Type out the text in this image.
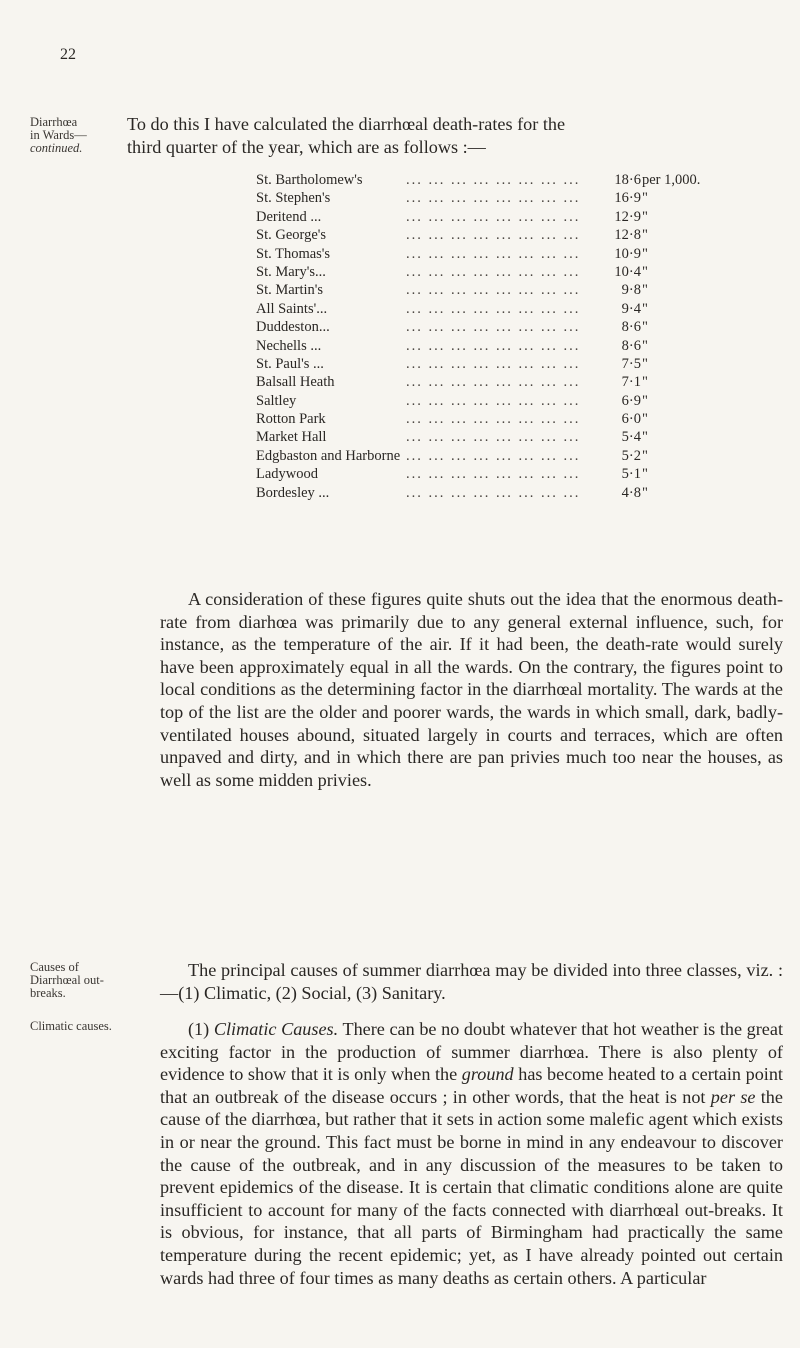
22
Diarrhœa
in Wards—
continued.
To do this I have calculated the diarrhœal death-rates for the
third quarter of the year, which are as follows :—
St. Bartholomew's	... ... ... ... ... ... ... ...	18·6 per 1,000.
St. Stephen's	... ... ... ... ... ... ... ...	16·9 "
Deritend ...	... ... ... ... ... ... ... ...	12·9 "
St. George's	... ... ... ... ... ... ... ...	12·8 "
St. Thomas's	... ... ... ... ... ... ... ...	10·9 "
St. Mary's...	... ... ... ... ... ... ... ...	10·4 "
St. Martin's	... ... ... ... ... ... ... ...	9·8 "
All Saints'...	... ... ... ... ... ... ... ...	9·4 "
Duddeston...	... ... ... ... ... ... ... ...	8·6 "
Nechells ...	... ... ... ... ... ... ... ...	8·6 "
St. Paul's ...	... ... ... ... ... ... ... ...	7·5 "
Balsall Heath	... ... ... ... ... ... ... ...	7·1 "
Saltley	... ... ... ... ... ... ... ...	6·9 "
Rotton Park	... ... ... ... ... ... ... ...	6·0 "
Market Hall	... ... ... ... ... ... ... ...	5·4 "
Edgbaston and Harborne ... ... ... ... ... ... ... ...	5·2 "
Ladywood	... ... ... ... ... ... ... ...	5·1 "
Bordesley ...	... ... ... ... ... ... ... ...	4·8 "
A consideration of these figures quite shuts out the idea that the enormous death-rate from diarhœa was primarily due to any general external influence, such, for instance, as the temperature of the air. If it had been, the death-rate would surely have been approximately equal in all the wards. On the contrary, the figures point to local conditions as the determining factor in the diarrhœal mortality. The wards at the top of the list are the older and poorer wards, the wards in which small, dark, badly-ventilated houses abound, situated largely in courts and terraces, which are often unpaved and dirty, and in which there are pan privies much too near the houses, as well as some midden privies.
Causes of
Diarrhœal out-
breaks.
The principal causes of summer diarrhœa may be divided into three classes, viz. :—(1) Climatic, (2) Social, (3) Sanitary.
Climatic causes.	(1) Climatic Causes. There can be no doubt whatever that hot weather is the great exciting factor in the production of summer diarrhœa. There is also plenty of evidence to show that it is only when the ground has become heated to a certain point that an outbreak of the disease occurs ; in other words, that the heat is not per se the cause of the diarrhœa, but rather that it sets in action some malefic agent which exists in or near the ground. This fact must be borne in mind in any endeavour to discover the cause of the outbreak, and in any discussion of the measures to be taken to prevent epidemics of the disease. It is certain that climatic conditions alone are quite insufficient to account for many of the facts connected with diarrhœal out-breaks. It is obvious, for instance, that all parts of Birmingham had practically the same temperature during the recent epidemic; yet, as I have already pointed out certain wards had three of four times as many deaths as certain others. A particular
